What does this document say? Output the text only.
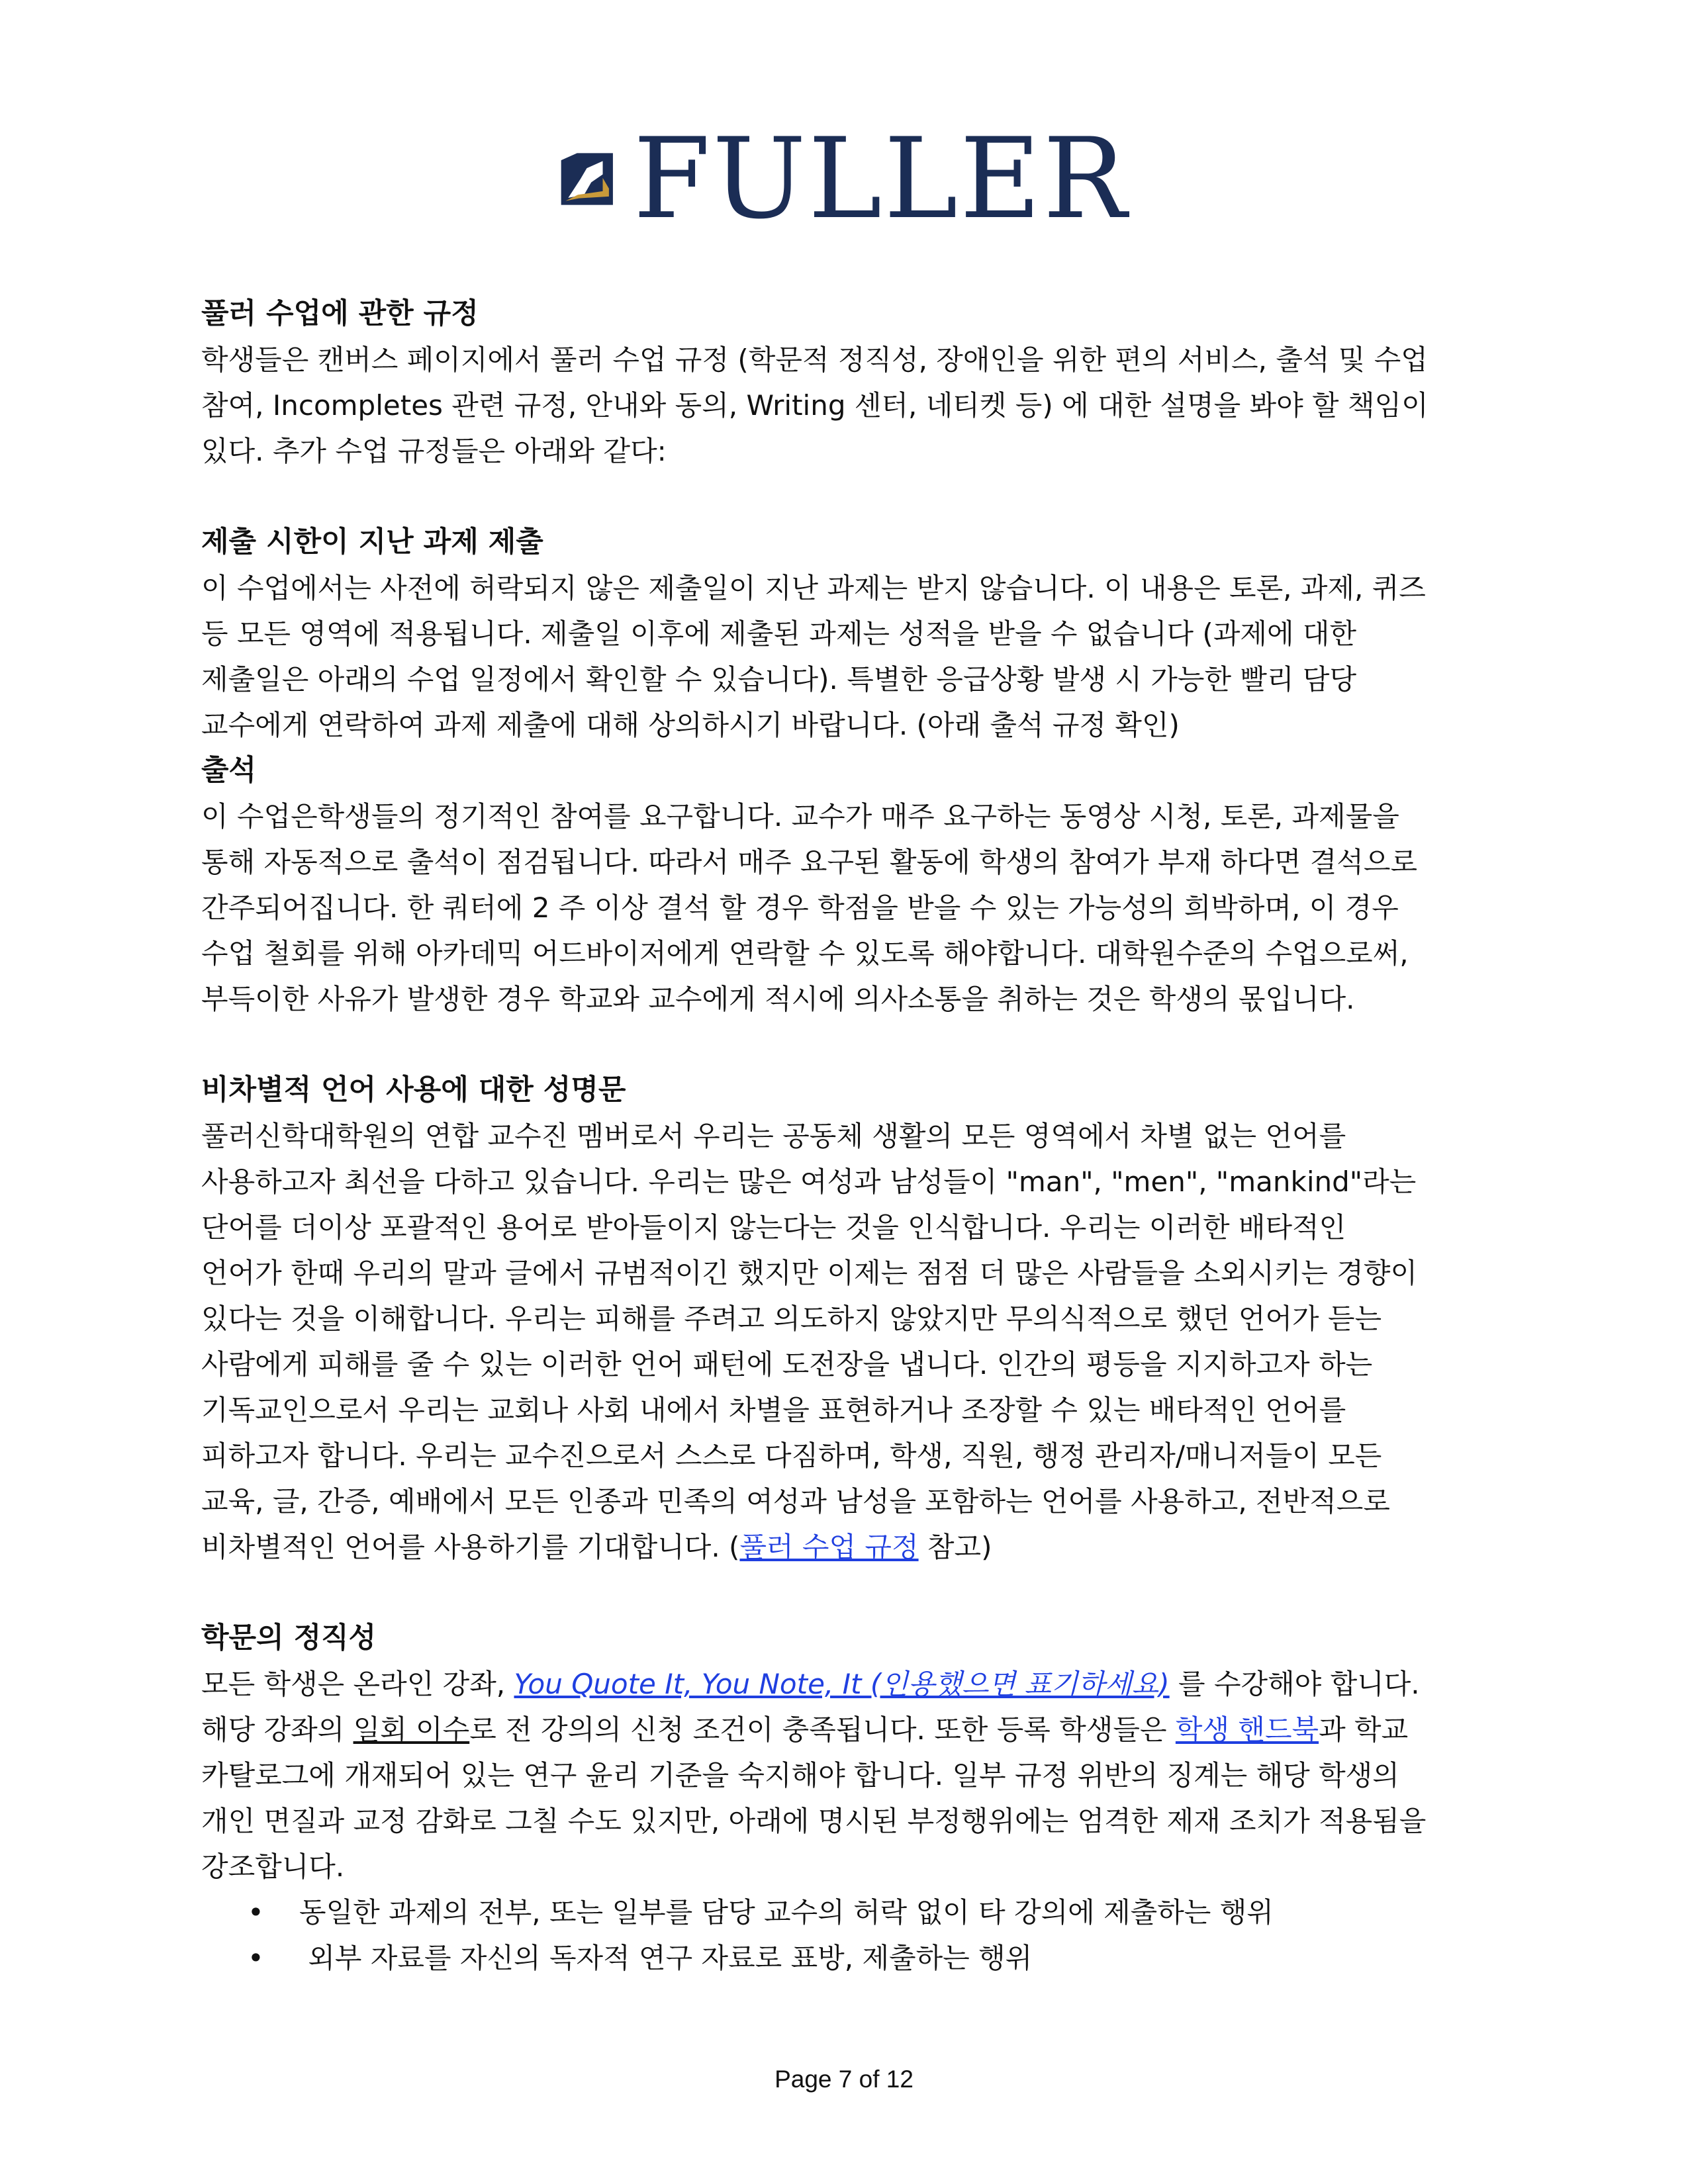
FULLER
풀러 수업에 관한 규정
학생들은 캔버스 페이지에서 풀러 수업 규정 (학문적 정직성, 장애인을 위한 편의 서비스, 출석 및 수업
참여, Incompletes 관련 규정, 안내와 동의, Writing 센터, 네티켓 등) 에 대한 설명을 봐야 할 책임이
있다. 추가 수업 규정들은 아래와 같다:
제출 시한이 지난 과제 제출
이 수업에서는 사전에 허락되지 않은 제출일이 지난 과제는 받지 않습니다. 이 내용은 토론, 과제, 퀴즈
등 모든 영역에 적용됩니다. 제출일 이후에 제출된 과제는 성적을 받을 수 없습니다 (과제에 대한
제출일은 아래의 수업 일정에서 확인할 수 있습니다). 특별한 응급상황 발생 시 가능한 빨리 담당
교수에게 연락하여 과제 제출에 대해 상의하시기 바랍니다. (아래 출석 규정 확인)
출석
이 수업은학생들의 정기적인 참여를 요구합니다. 교수가 매주 요구하는 동영상 시청, 토론, 과제물을
통해 자동적으로 출석이 점검됩니다. 따라서 매주 요구된 활동에 학생의 참여가 부재 하다면 결석으로
간주되어집니다. 한 쿼터에 2 주 이상 결석 할 경우 학점을 받을 수 있는 가능성의 희박하며, 이 경우
수업 철회를 위해 아카데믹 어드바이저에게 연락할 수 있도록 해야합니다. 대학원수준의 수업으로써,
부득이한 사유가 발생한 경우 학교와 교수에게 적시에 의사소통을 취하는 것은 학생의 몫입니다.
비차별적 언어 사용에 대한 성명문
풀러신학대학원의 연합 교수진 멤버로서 우리는 공동체 생활의 모든 영역에서 차별 없는 언어를
사용하고자 최선을 다하고 있습니다. 우리는 많은 여성과 남성들이 "man", "men", "mankind"라는
단어를 더이상 포괄적인 용어로 받아들이지 않는다는 것을 인식합니다. 우리는 이러한 배타적인
언어가 한때 우리의 말과 글에서 규범적이긴 했지만 이제는 점점 더 많은 사람들을 소외시키는 경향이
있다는 것을 이해합니다. 우리는 피해를 주려고 의도하지 않았지만 무의식적으로 했던 언어가 듣는
사람에게 피해를 줄 수 있는 이러한 언어 패턴에 도전장을 냅니다. 인간의 평등을 지지하고자 하는
기독교인으로서 우리는 교회나 사회 내에서 차별을 표현하거나 조장할 수 있는 배타적인 언어를
피하고자 합니다. 우리는 교수진으로서 스스로 다짐하며, 학생, 직원, 행정 관리자/매니저들이 모든
교육, 글, 간증, 예배에서 모든 인종과 민족의 여성과 남성을 포함하는 언어를 사용하고, 전반적으로
비차별적인 언어를 사용하기를 기대합니다. (풀러 수업 규정 참고)
학문의 정직성
모든 학생은 온라인 강좌, You Quote It, You Note, It (인용했으면 표기하세요) 를 수강해야 합니다.
해당 강좌의 일회 이수로 전 강의의 신청 조건이 충족됩니다. 또한 등록 학생들은 학생 핸드북과 학교
카탈로그에 개재되어 있는 연구 윤리 기준을 숙지해야 합니다. 일부 규정 위반의 징계는 해당 학생의
개인 면질과 교정 감화로 그칠 수도 있지만, 아래에 명시된 부정행위에는 엄격한 제재 조치가 적용됨을
강조합니다.
• 동일한 과제의 전부, 또는 일부를 담당 교수의 허락 없이 타 강의에 제출하는 행위
• 외부 자료를 자신의 독자적 연구 자료로 표방, 제출하는 행위
Page 7 of 12
